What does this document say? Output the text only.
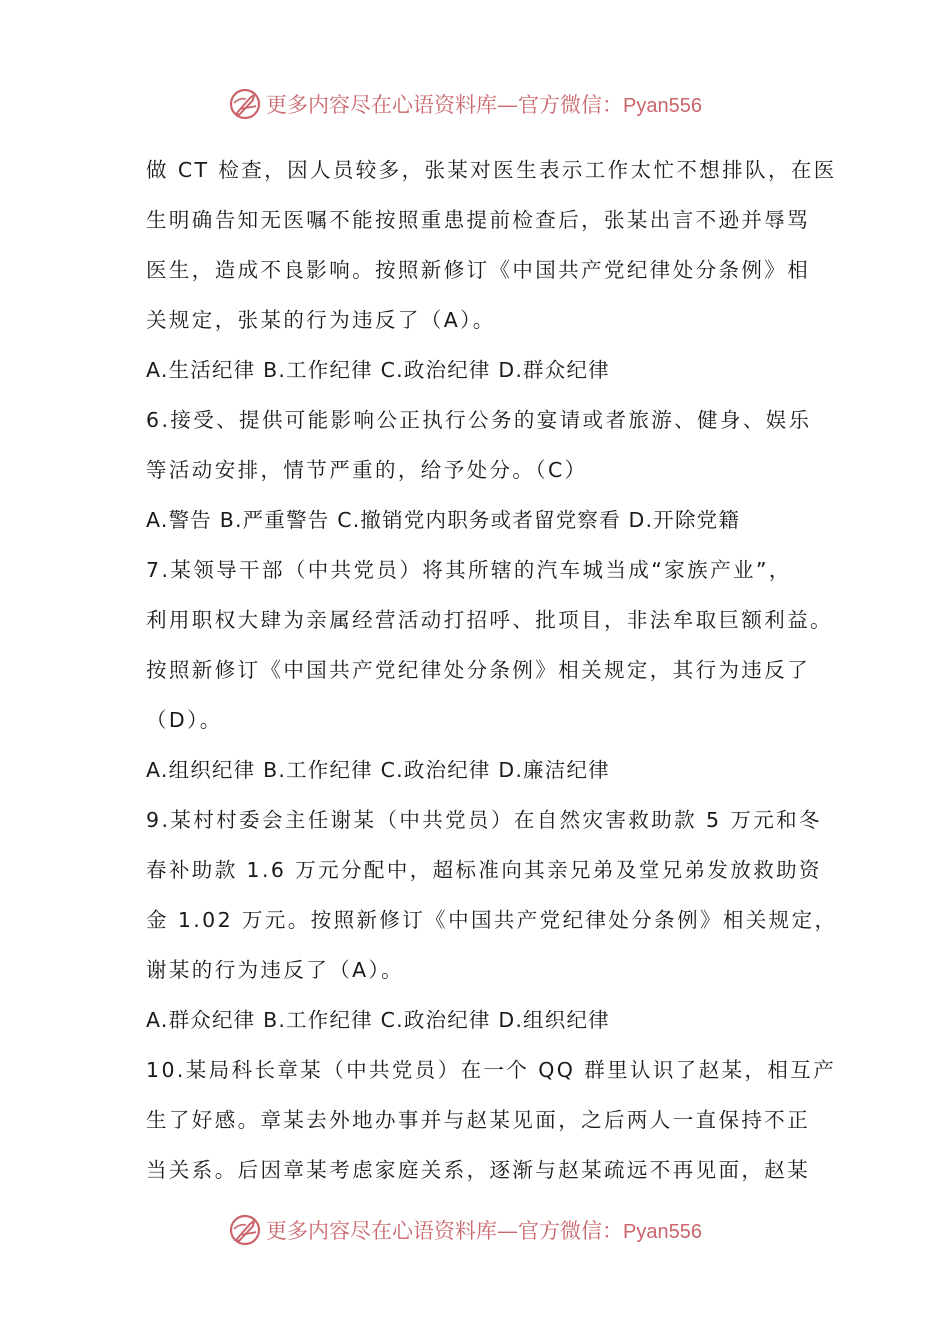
更多内容尽在心语资料库—官方微信：Pyan556
做 CT 检查，因人员较多，张某对医生表示工作太忙不想排队，在医
生明确告知无医嘱不能按照重患提前检查后，张某出言不逊并辱骂
医生，造成不良影响。按照新修订《中国共产党纪律处分条例》相
关规定，张某的行为违反了（A）。
A.生活纪律 B.工作纪律 C.政治纪律 D.群众纪律
6.接受、提供可能影响公正执行公务的宴请或者旅游、健身、娱乐
等活动安排，情节严重的，给予处分。（C）
A.警告 B.严重警告 C.撤销党内职务或者留党察看 D.开除党籍
7.某领导干部（中共党员）将其所辖的汽车城当成“家族产业”，
利用职权大肆为亲属经营活动打招呼、批项目，非法牟取巨额利益。
按照新修订《中国共产党纪律处分条例》相关规定，其行为违反了
（D）。
A.组织纪律 B.工作纪律 C.政治纪律 D.廉洁纪律
9.某村村委会主任谢某（中共党员）在自然灾害救助款 5 万元和冬
春补助款 1.6 万元分配中，超标准向其亲兄弟及堂兄弟发放救助资
金 1.02 万元。按照新修订《中国共产党纪律处分条例》相关规定，
谢某的行为违反了（A）。
A.群众纪律 B.工作纪律 C.政治纪律 D.组织纪律
10.某局科长章某（中共党员）在一个 QQ 群里认识了赵某，相互产
生了好感。章某去外地办事并与赵某见面，之后两人一直保持不正
当关系。后因章某考虑家庭关系，逐渐与赵某疏远不再见面，赵某
更多内容尽在心语资料库—官方微信：Pyan556
